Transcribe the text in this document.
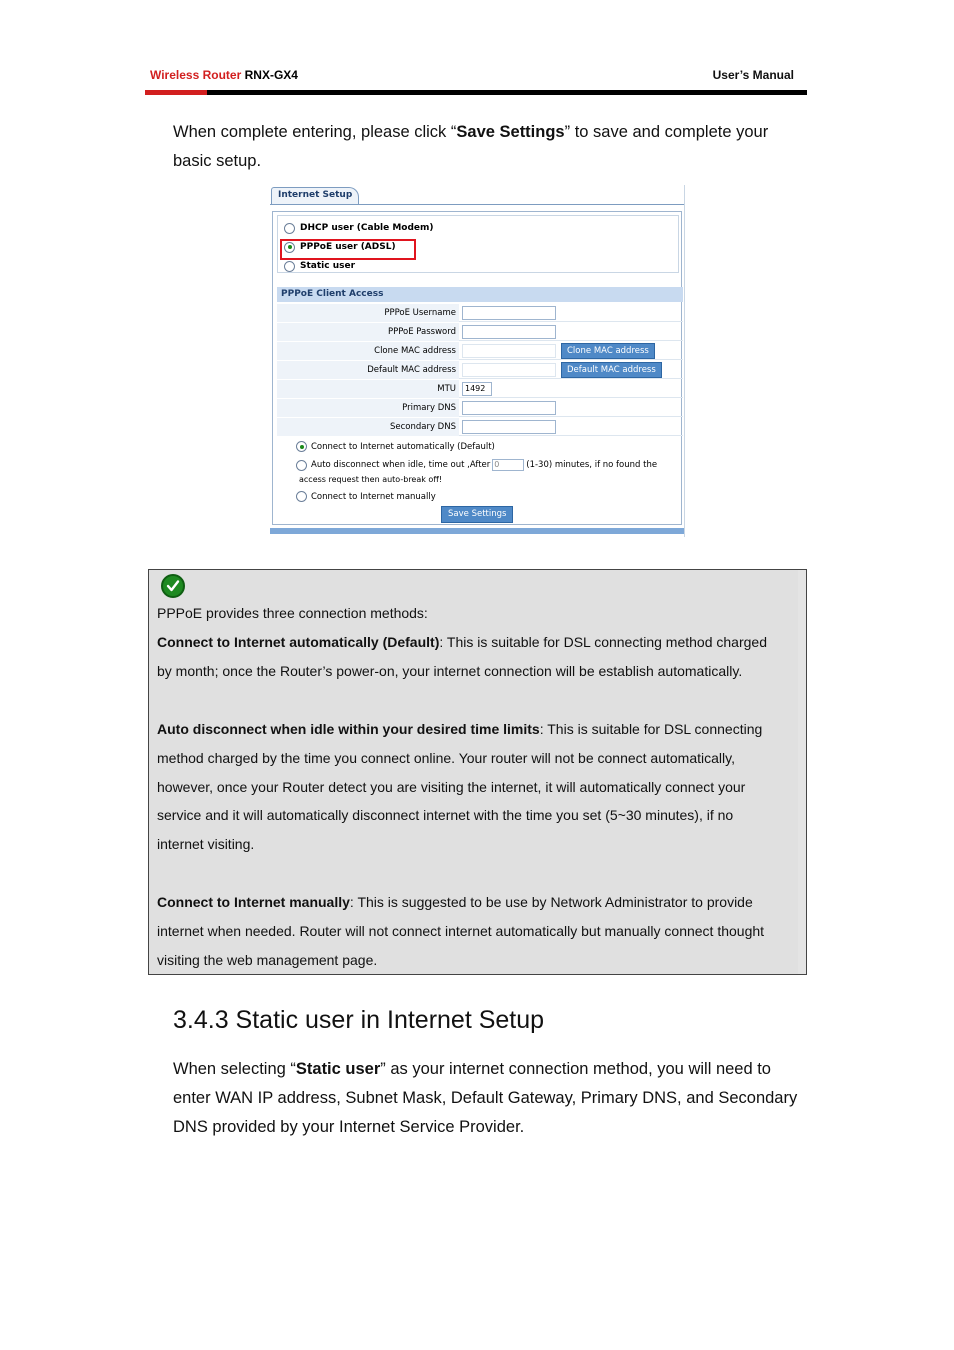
Wireless Router RNX-GX4	User’s Manual
When complete entering, please click “Save Settings” to save and complete your basic setup.
Internet Setup
DHCP user (Cable Modem)
PPPoE user (ADSL)
Static user
PPPoE Client Access
PPPoE Username
PPPoE Password
Clone MAC address	Clone MAC address
Default MAC address	Default MAC address
MTU	1492
Primary DNS
Secondary DNS
Connect to Internet automatically (Default)
Auto disconnect when idle, time out ,After 0	(1-30) minutes, if no found the
access request then auto-break off!
Connect to Internet manually
Save Settings
PPPoE provides three connection methods:
Connect to Internet automatically (Default): This is suitable for DSL connecting method charged
by month; once the Router’s power-on, your internet connection will be establish automatically.
Auto disconnect when idle within your desired time limits: This is suitable for DSL connecting
method charged by the time you connect online. Your router will not be connect automatically,
however, once your Router detect you are visiting the internet, it will automatically connect your
service and it will automatically disconnect internet with the time you set (5~30 minutes), if no
internet visiting.
Connect to Internet manually: This is suggested to be use by Network Administrator to provide
internet when needed. Router will not connect internet automatically but manually connect thought
visiting the web management page.
3.4.3 Static user in Internet Setup
When selecting “Static user” as your internet connection method, you will need to enter WAN IP address, Subnet Mask, Default Gateway, Primary DNS, and Secondary DNS provided by your Internet Service Provider.
